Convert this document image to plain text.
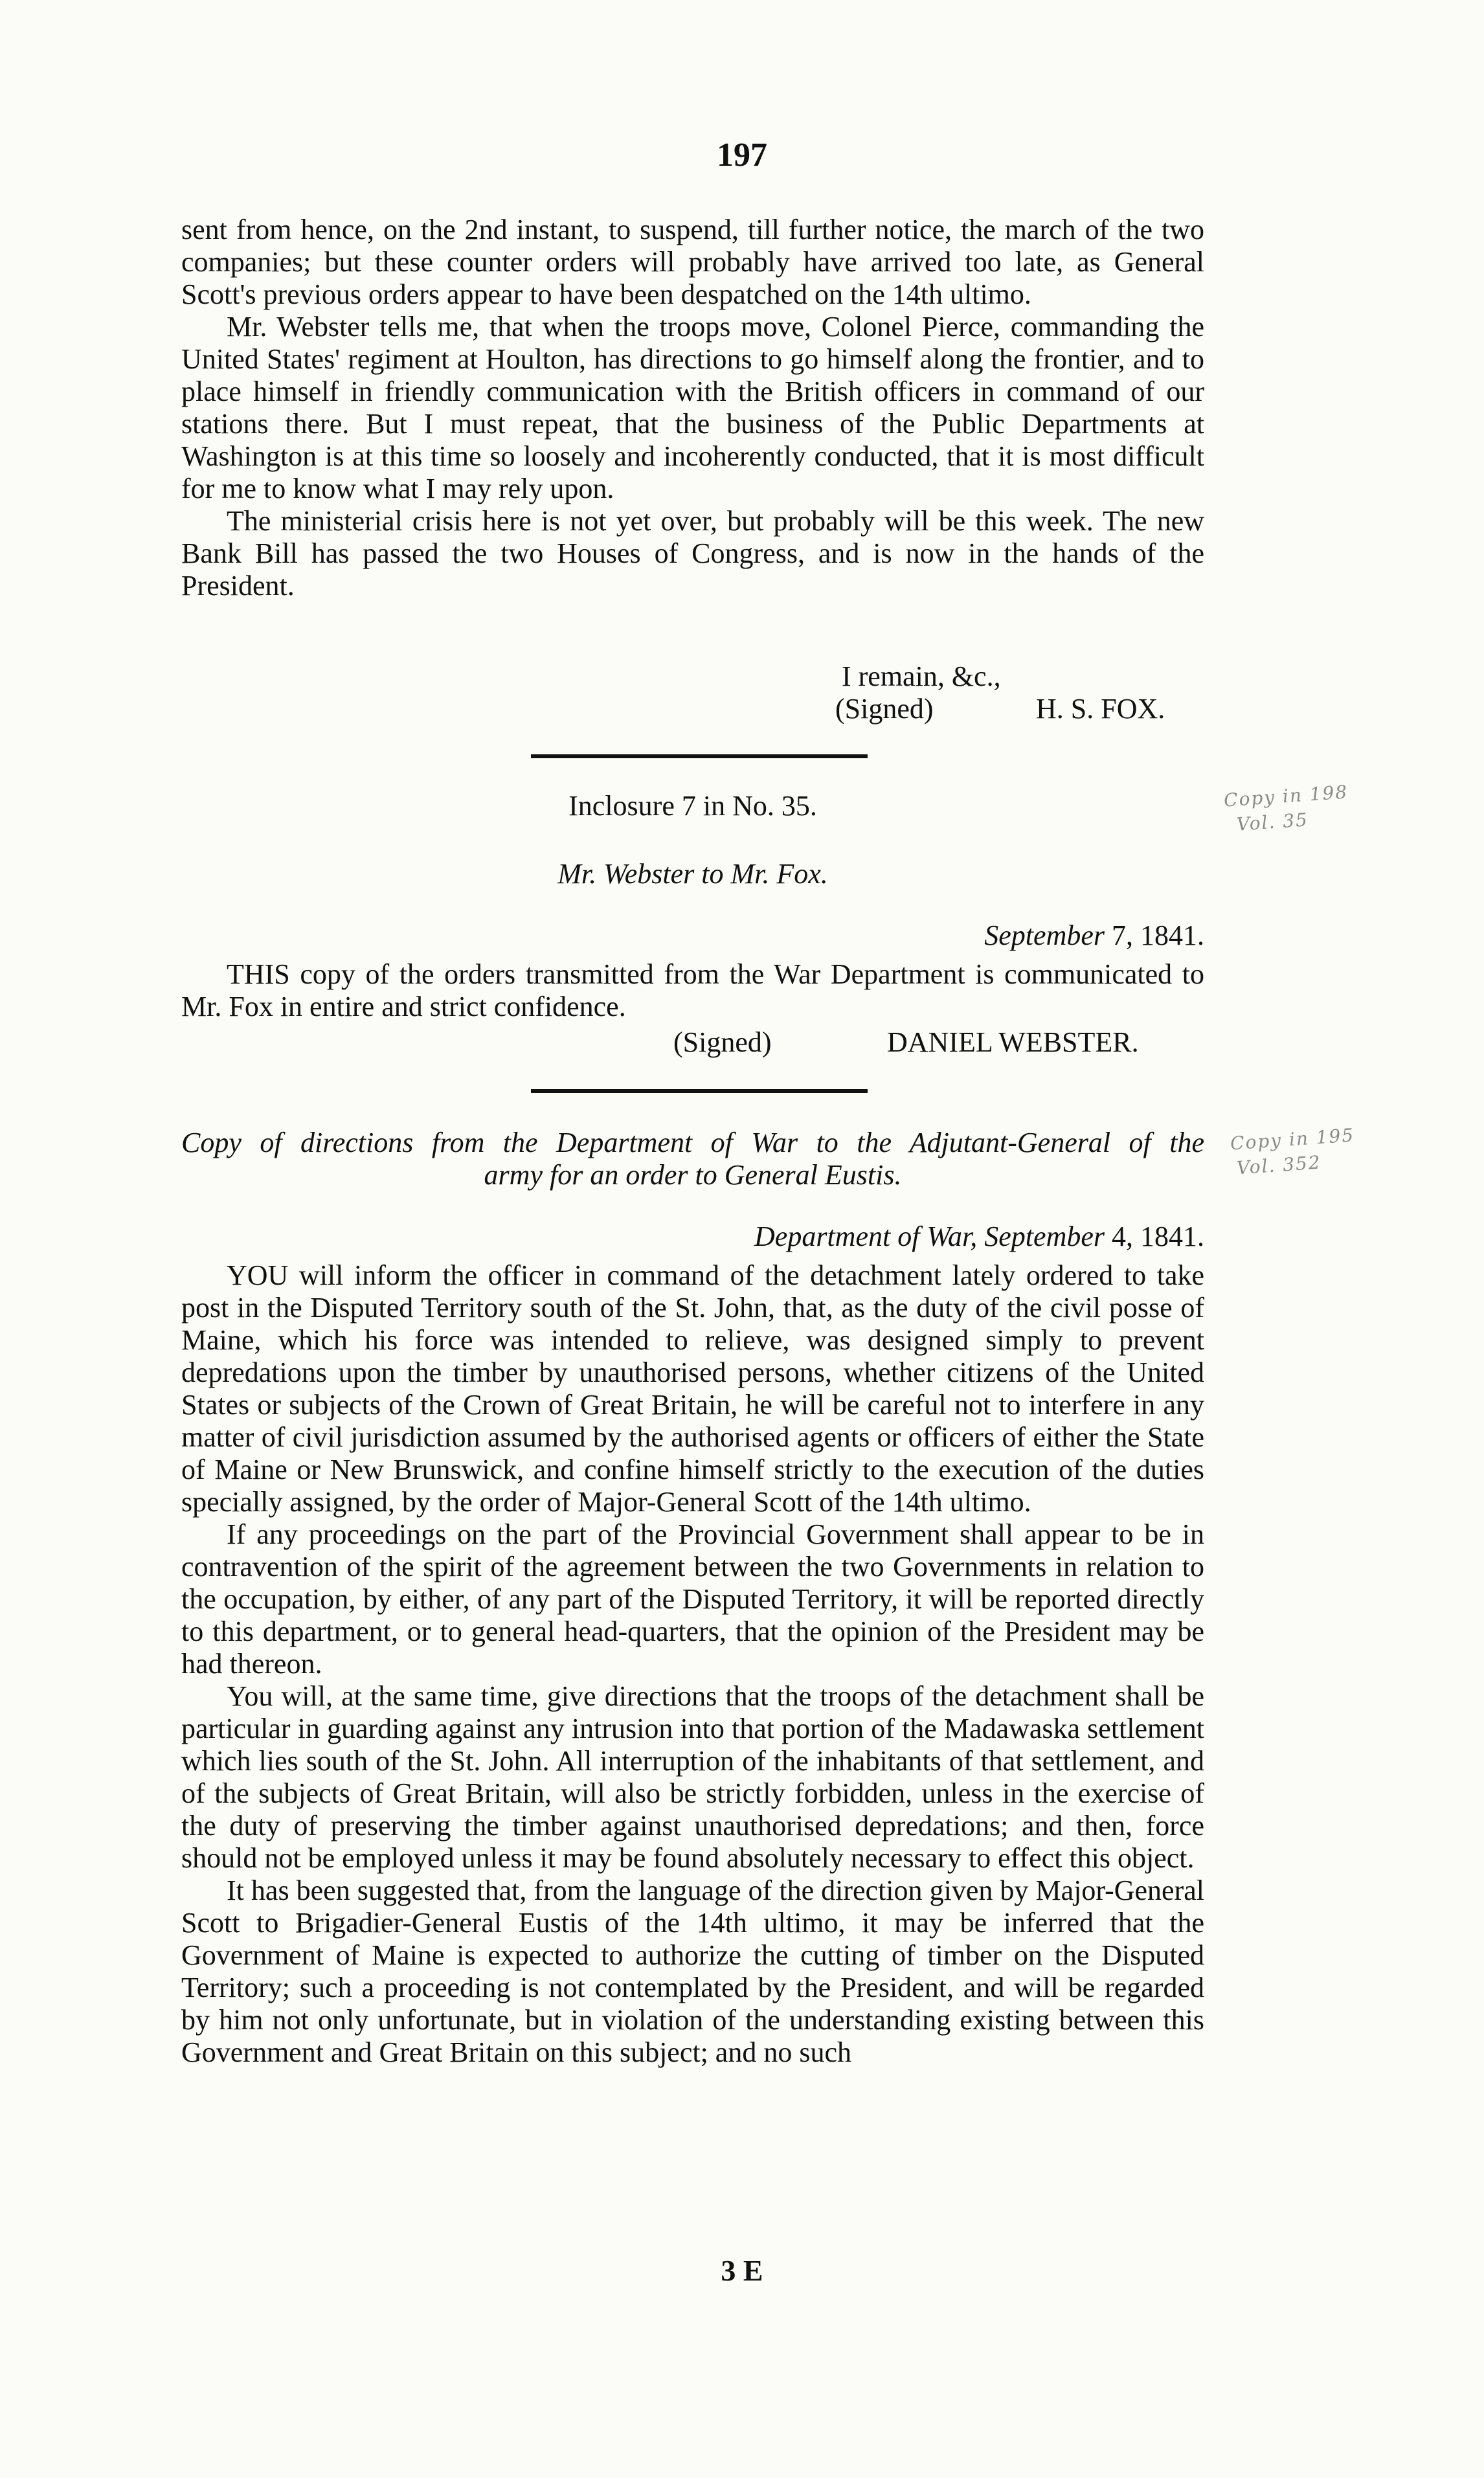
197

sent from hence, on the 2nd instant, to suspend, till further notice, the march of the two companies; but these counter orders will probably have arrived too late, as General Scott's previous orders appear to have been despatched on the 14th ultimo.

Mr. Webster tells me, that when the troops move, Colonel Pierce, commanding the United States' regiment at Houlton, has directions to go himself along the frontier, and to place himself in friendly communication with the British officers in command of our stations there. But I must repeat, that the business of the Public Departments at Washington is at this time so loosely and incoherently conducted, that it is most difficult for me to know what I may rely upon.

The ministerial crisis here is not yet over, but probably will be this week. The new Bank Bill has passed the two Houses of Congress, and is now in the hands of the President.

I remain, &c.,
(Signed)	H. S. FOX.

Inclosure 7 in No. 35.	Copy in 198
Vol. 35

Mr. Webster to Mr. Fox.

September 7, 1841.

THIS copy of the orders transmitted from the War Department is communicated to Mr. Fox in entire and strict confidence.

(Signed)	DANIEL WEBSTER.

Copy of directions from the Department of War to the Adjutant-General of the

army for an order to General Eustis.

Copy in 195
Vol. 352

Department of War, September 4, 1841.

YOU will inform the officer in command of the detachment lately ordered to take post in the Disputed Territory south of the St. John, that, as the duty of the civil posse of Maine, which his force was intended to relieve, was designed simply to prevent depredations upon the timber by unauthorised persons, whether citizens of the United States or subjects of the Crown of Great Britain, he will be careful not to interfere in any matter of civil jurisdiction assumed by the authorised agents or officers of either the State of Maine or New Brunswick, and confine himself strictly to the execution of the duties specially assigned, by the order of Major-General Scott of the 14th ultimo.

If any proceedings on the part of the Provincial Government shall appear to be in contravention of the spirit of the agreement between the two Governments in relation to the occupation, by either, of any part of the Disputed Territory, it will be reported directly to this department, or to general head-quarters, that the opinion of the President may be had thereon.

You will, at the same time, give directions that the troops of the detachment shall be particular in guarding against any intrusion into that portion of the Madawaska settlement which lies south of the St. John. All interruption of the inhabitants of that settlement, and of the subjects of Great Britain, will also be strictly forbidden, unless in the exercise of the duty of preserving the timber against unauthorised depredations; and then, force should not be employed unless it may be found absolutely necessary to effect this object.

It has been suggested that, from the language of the direction given by Major-General Scott to Brigadier-General Eustis of the 14th ultimo, it may be inferred that the Government of Maine is expected to authorize the cutting of timber on the Disputed Territory; such a proceeding is not contemplated by the President, and will be regarded by him not only unfortunate, but in violation of the understanding existing between this Government and Great Britain on this subject; and no such

3 E
